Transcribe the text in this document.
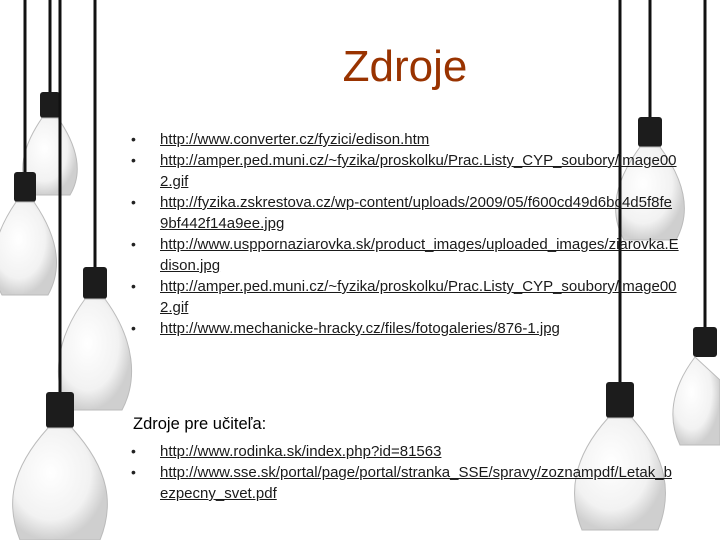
Zdroje
• http://www.converter.cz/fyzici/edison.htm
• http://amper.ped.muni.cz/~fyzika/proskolku/Prac.Listy_CYP_soubory/image002.gif
• http://fyzika.zskrestova.cz/wp-content/uploads/2009/05/f600cd49d6bc4d5f8fe9bf442f14a9ee.jpg
• http://www.usppornaziarovka.sk/product_images/uploaded_images/ziarovka.Edison.jpg
• http://amper.ped.muni.cz/~fyzika/proskolku/Prac.Listy_CYP_soubory/image002.gif
• http://www.mechanicke-hracky.cz/files/fotogaleries/876-1.jpg
Zdroje pre učiteľa:
• http://www.rodinka.sk/index.php?id=81563
• http://www.sse.sk/portal/page/portal/stranka_SSE/spravy/zoznampdf/Letak_bezpecny_svet.pdf
